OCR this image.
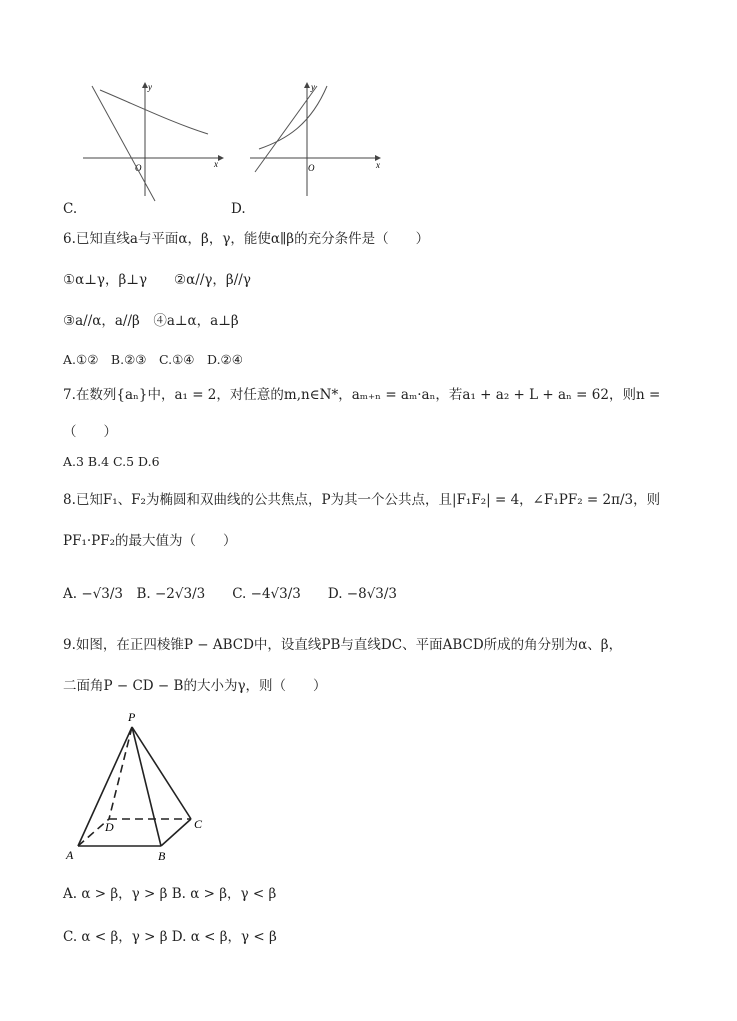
y
x
O
C.
y
x
O
D.
6.已知直线a与平面α，β，γ，能使α∥β的充分条件是（　　）
①α⊥γ，β⊥γ　　②α//γ，β//γ
③a//α，a//β　④a⊥α，a⊥β
A.①②　B.②③　C.①④　D.②④
7.在数列{aₙ}中，a₁ = 2，对任意的m,n∈N*，aₘ₊ₙ = aₘ·aₙ，若a₁ + a₂ + L + aₙ = 62，则n =
（　　）
A.3 B.4 C.5 D.6
8.已知F₁、F₂为椭圆和双曲线的公共焦点，P为其一个公共点，且|F₁F₂| = 4，∠F₁PF₂ = 2π/3，则
PF₁·PF₂的最大值为（　　）
A. −√3/3　B. −2√3/3　　C. −4√3/3　　D. −8√3/3
9.如图，在正四棱锥P − ABCD中，设直线PB与直线DC、平面ABCD所成的角分别为α、β，
二面角P − CD − B的大小为γ，则（　　）
P
A	B
C
D
A. α > β，γ > β B. α > β，γ < β
C. α < β，γ > β D. α < β，γ < β
